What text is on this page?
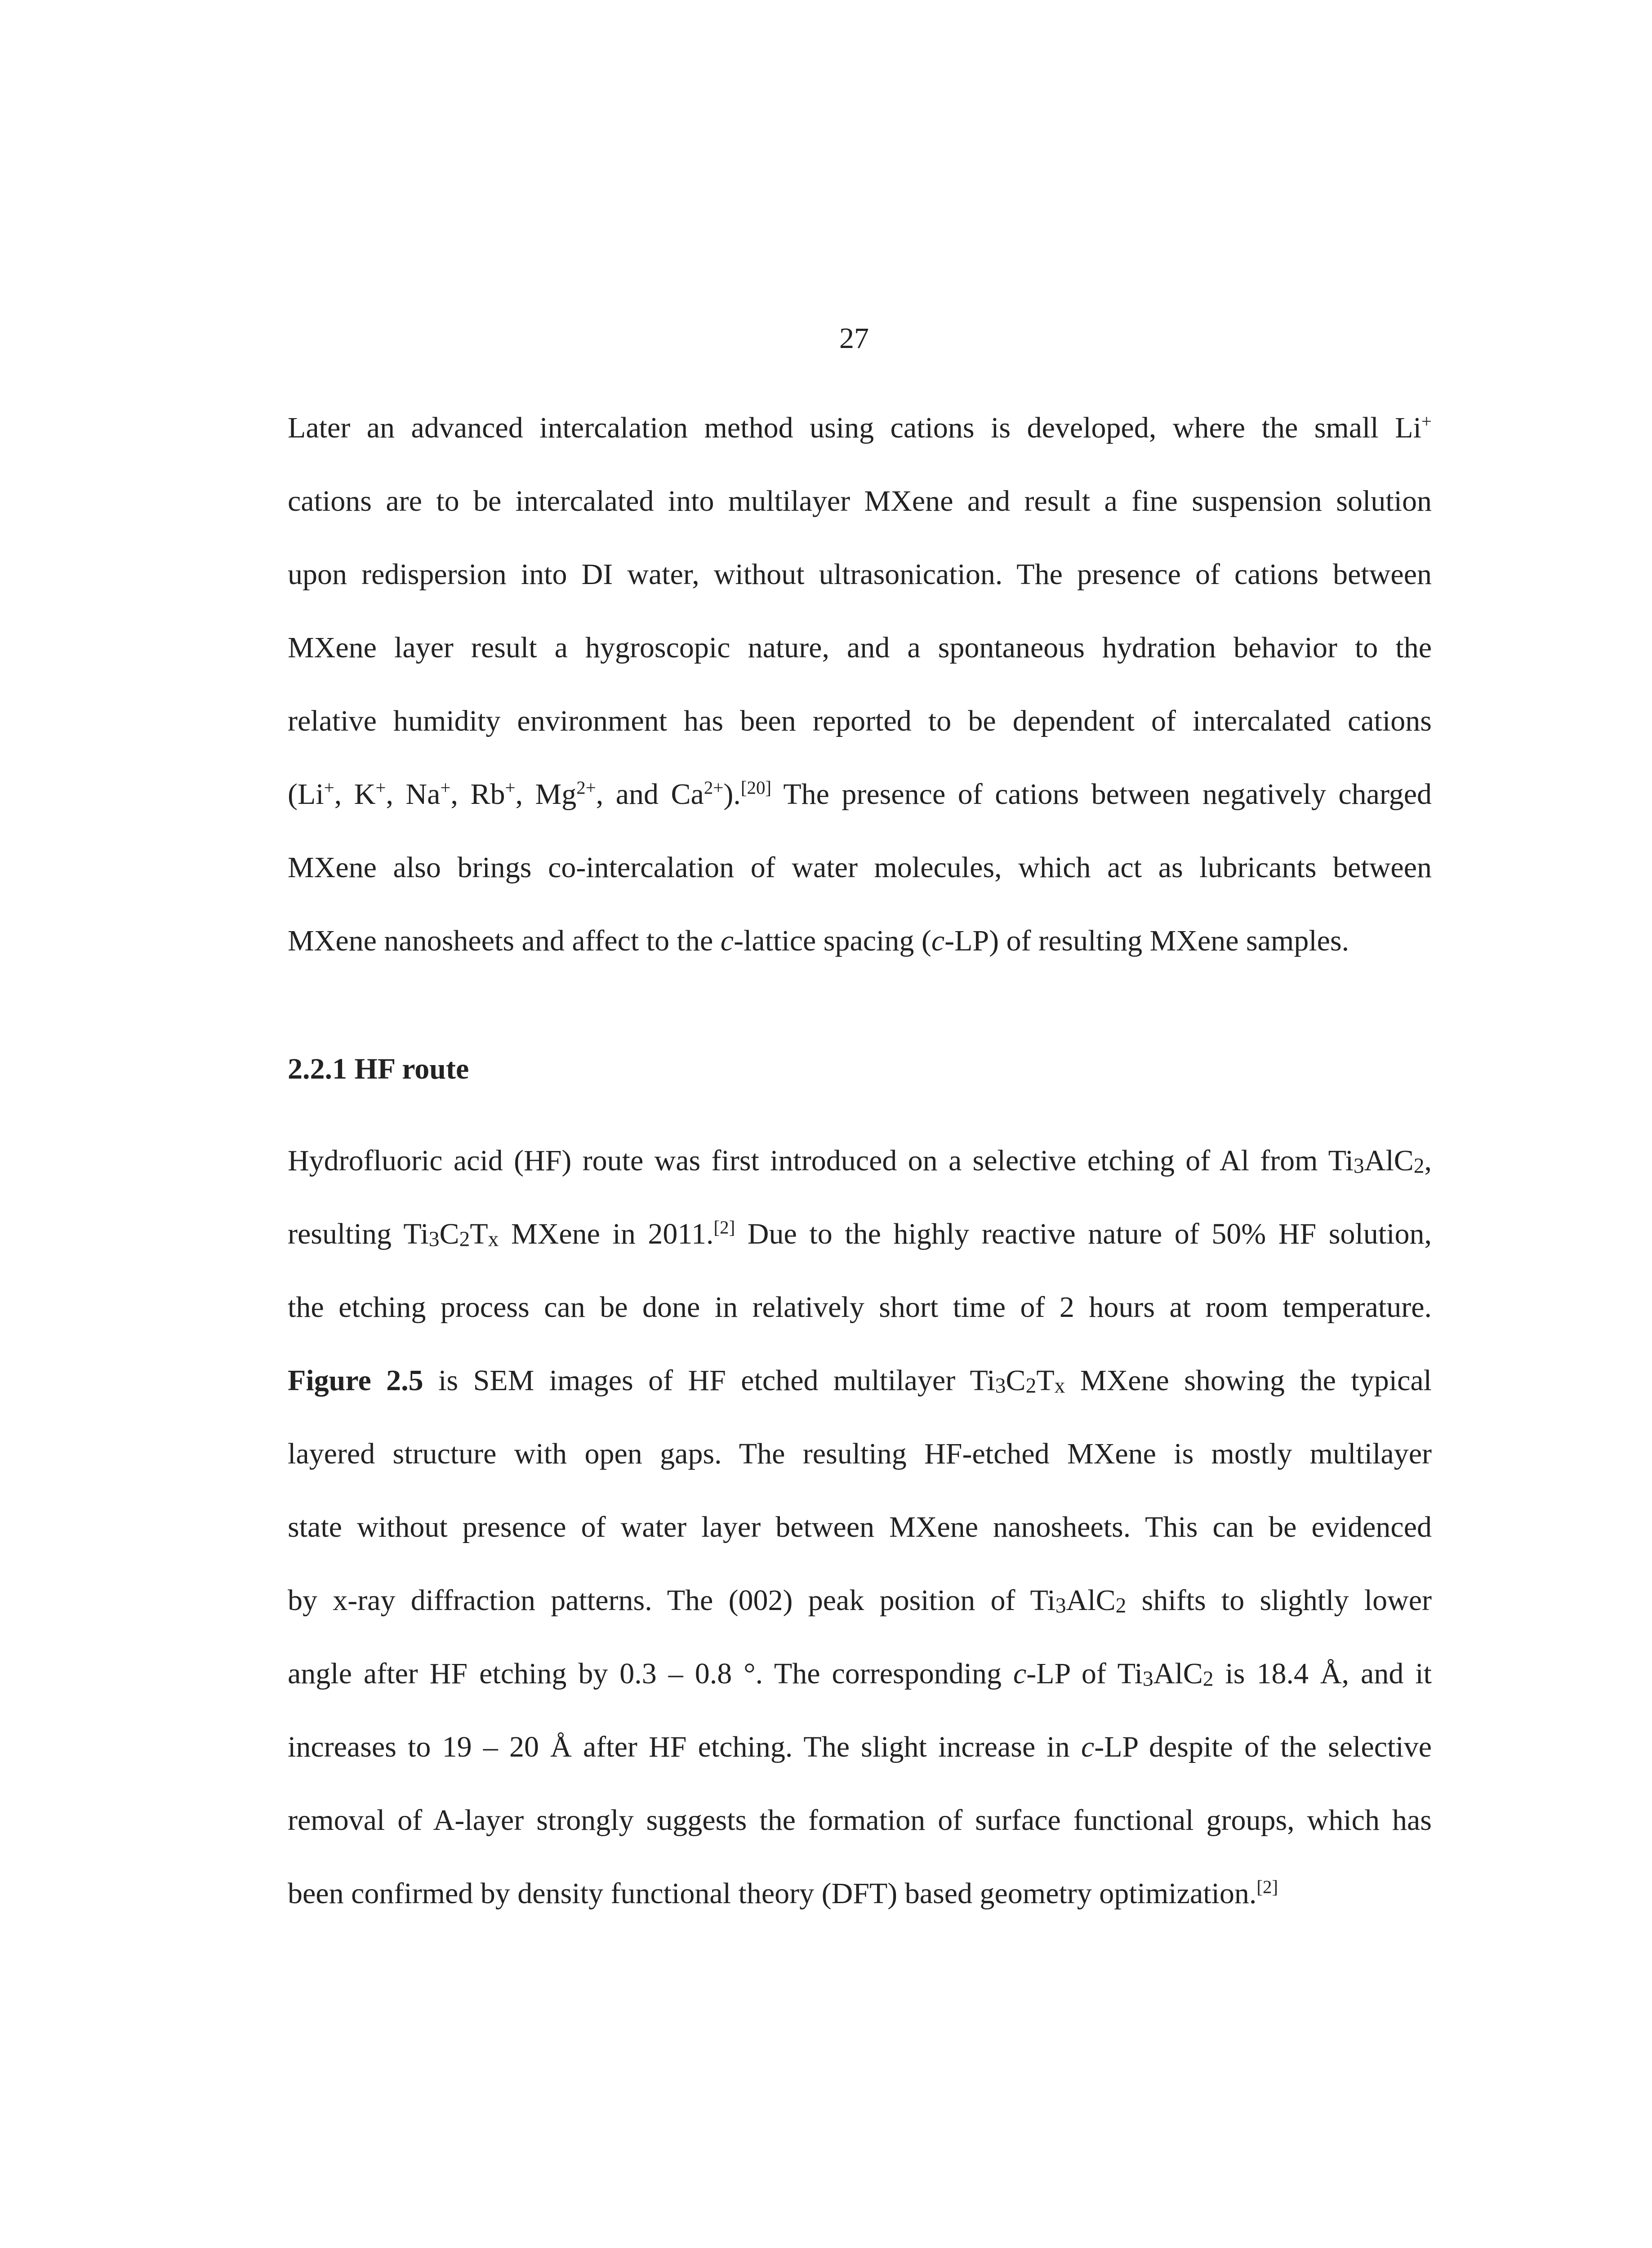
27
Later an advanced intercalation method using cations is developed, where the small Li+
cations are to be intercalated into multilayer MXene and result a fine suspension solution
upon redispersion into DI water, without ultrasonication. The presence of cations between
MXene layer result a hygroscopic nature, and a spontaneous hydration behavior to the
relative humidity environment has been reported to be dependent of intercalated cations
(Li+, K+, Na+, Rb+, $Mg^{2+}$, and $Ca^{2+}).[20]$ The presence of cations between negatively charged
MXene also brings co-intercalation of water molecules, which act as lubricants between
MXene nanosheets and affect to the c-lattice spacing (c-LP) of resulting MXene samples.
2.2.1 HF route
Hydrofluoric acid (HF) route was first introduced on a selective etching of Al from $Ti_3AlC_2$,
resulting $Ti_3C_2T_x$ MXene in 2011.[2] Due to the highly reactive nature of 50% HF solution,
the etching process can be done in relatively short time of 2 hours at room temperature.
Figure 2.5 is SEM images of HF etched multilayer $Ti_3C_2T_x$ MXene showing the typical
layered structure with open gaps. The resulting HF-etched MXene is mostly multilayer
state without presence of water layer between MXene nanosheets. This can be evidenced
by x-ray diffraction patterns. The (002) peak position of $Ti_3AlC_2$ shifts to slightly lower
angle after HF etching by 0.3 – 0.8 °. The corresponding c-LP of $Ti_3AlC_2$ is 18.4 Å, and it
increases to 19 – 20 Å after HF etching. The slight increase in c-LP despite of the selective
removal of A-layer strongly suggests the formation of surface functional groups, which has
been confirmed by density functional theory (DFT) based geometry optimization.[2]
